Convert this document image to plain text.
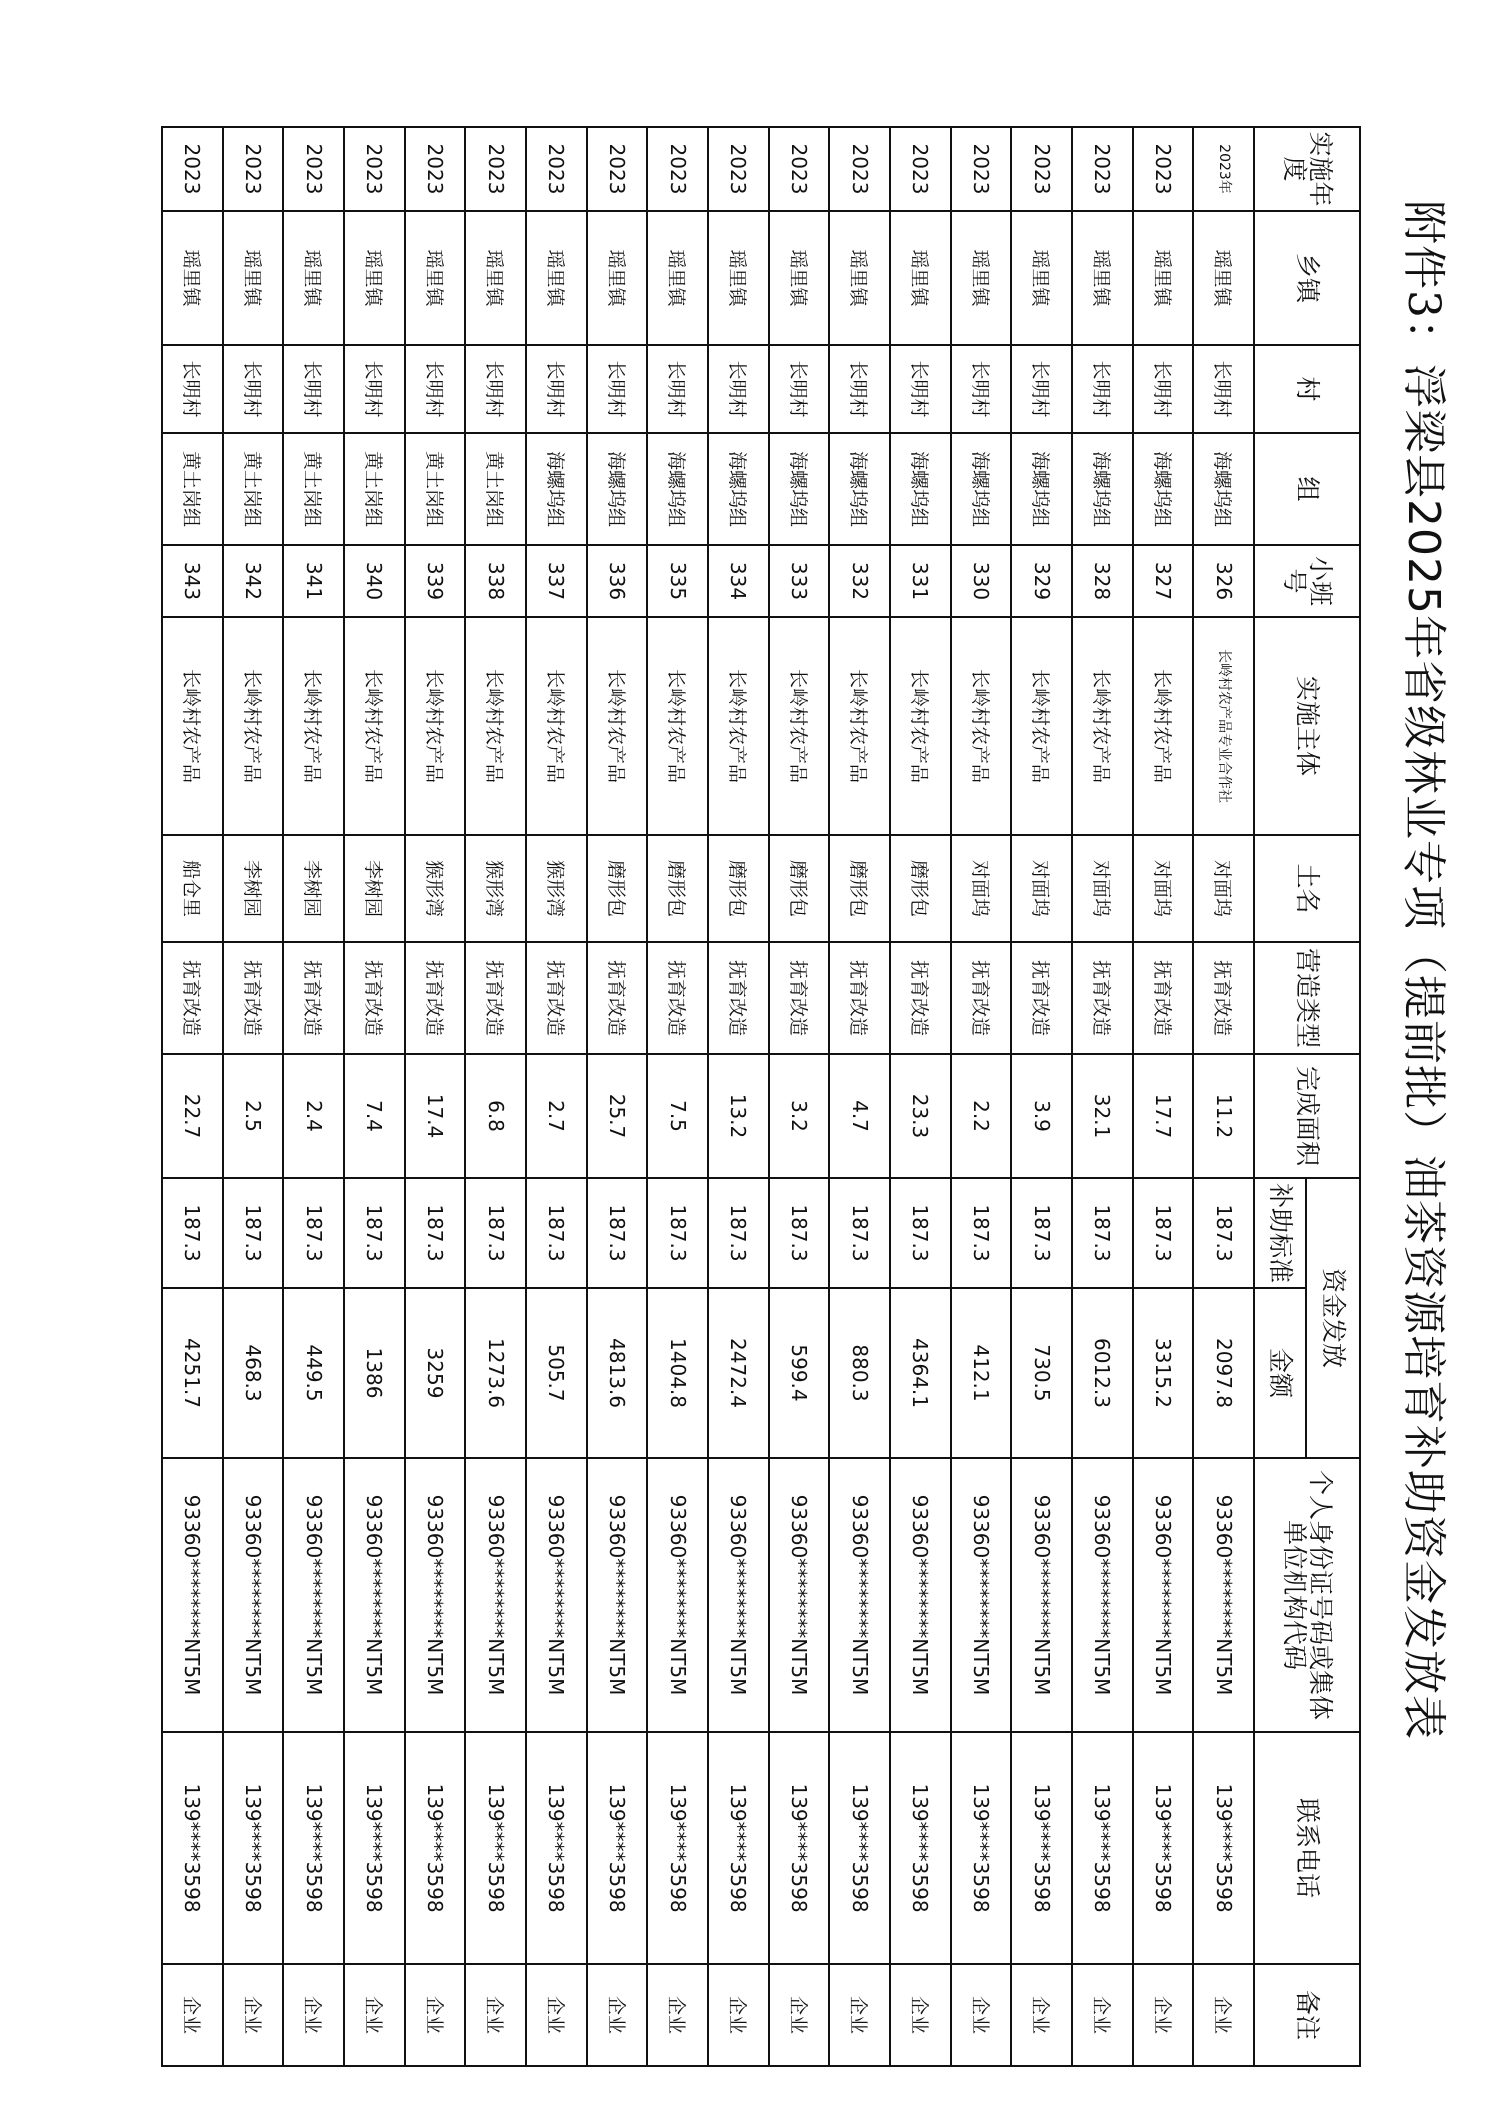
附件3：浮梁县2025年省级林业专项（提前批）油茶资源培育补助资金发放表
实施年度	乡镇	村	组	小班号	实施主体	土名	营造类型	完成面积	资金发放		个人身份证号码或集体单位机构代码	联系电话	备注
									补助标准	金额			
2023年	瑶里镇	长明村	海螺坞组	326	长岭村农产品专业合作社	对面坞	抚育改造	11.2	187.3	2097.8	93360********NT5M	139****3598	企业
2023	瑶里镇	长明村	海螺坞组	327	长岭村农产品	对面坞	抚育改造	17.7	187.3	3315.2	93360********NT5M	139****3598	企业
2023	瑶里镇	长明村	海螺坞组	328	长岭村农产品	对面坞	抚育改造	32.1	187.3	6012.3	93360********NT5M	139****3598	企业
2023	瑶里镇	长明村	海螺坞组	329	长岭村农产品	对面坞	抚育改造	3.9	187.3	730.5	93360********NT5M	139****3598	企业
2023	瑶里镇	长明村	海螺坞组	330	长岭村农产品	对面坞	抚育改造	2.2	187.3	412.1	93360********NT5M	139****3598	企业
2023	瑶里镇	长明村	海螺坞组	331	长岭村农产品	磨形包	抚育改造	23.3	187.3	4364.1	93360********NT5M	139****3598	企业
2023	瑶里镇	长明村	海螺坞组	332	长岭村农产品	磨形包	抚育改造	4.7	187.3	880.3	93360********NT5M	139****3598	企业
2023	瑶里镇	长明村	海螺坞组	333	长岭村农产品	磨形包	抚育改造	3.2	187.3	599.4	93360********NT5M	139****3598	企业
2023	瑶里镇	长明村	海螺坞组	334	长岭村农产品	磨形包	抚育改造	13.2	187.3	2472.4	93360********NT5M	139****3598	企业
2023	瑶里镇	长明村	海螺坞组	335	长岭村农产品	磨形包	抚育改造	7.5	187.3	1404.8	93360********NT5M	139****3598	企业
2023	瑶里镇	长明村	海螺坞组	336	长岭村农产品	磨形包	抚育改造	25.7	187.3	4813.6	93360********NT5M	139****3598	企业
2023	瑶里镇	长明村	海螺坞组	337	长岭村农产品	猴形湾	抚育改造	2.7	187.3	505.7	93360********NT5M	139****3598	企业
2023	瑶里镇	长明村	黄土岗组	338	长岭村农产品	猴形湾	抚育改造	6.8	187.3	1273.6	93360********NT5M	139****3598	企业
2023	瑶里镇	长明村	黄土岗组	339	长岭村农产品	猴形湾	抚育改造	17.4	187.3	3259	93360********NT5M	139****3598	企业
2023	瑶里镇	长明村	黄土岗组	340	长岭村农产品	李树园	抚育改造	7.4	187.3	1386	93360********NT5M	139****3598	企业
2023	瑶里镇	长明村	黄土岗组	341	长岭村农产品	李树园	抚育改造	2.4	187.3	449.5	93360********NT5M	139****3598	企业
2023	瑶里镇	长明村	黄土岗组	342	长岭村农产品	李树园	抚育改造	2.5	187.3	468.3	93360********NT5M	139****3598	企业
2023	瑶里镇	长明村	黄土岗组	343	长岭村农产品	船仓里	抚育改造	22.7	187.3	4251.7	93360********NT5M	139****3598	企业
